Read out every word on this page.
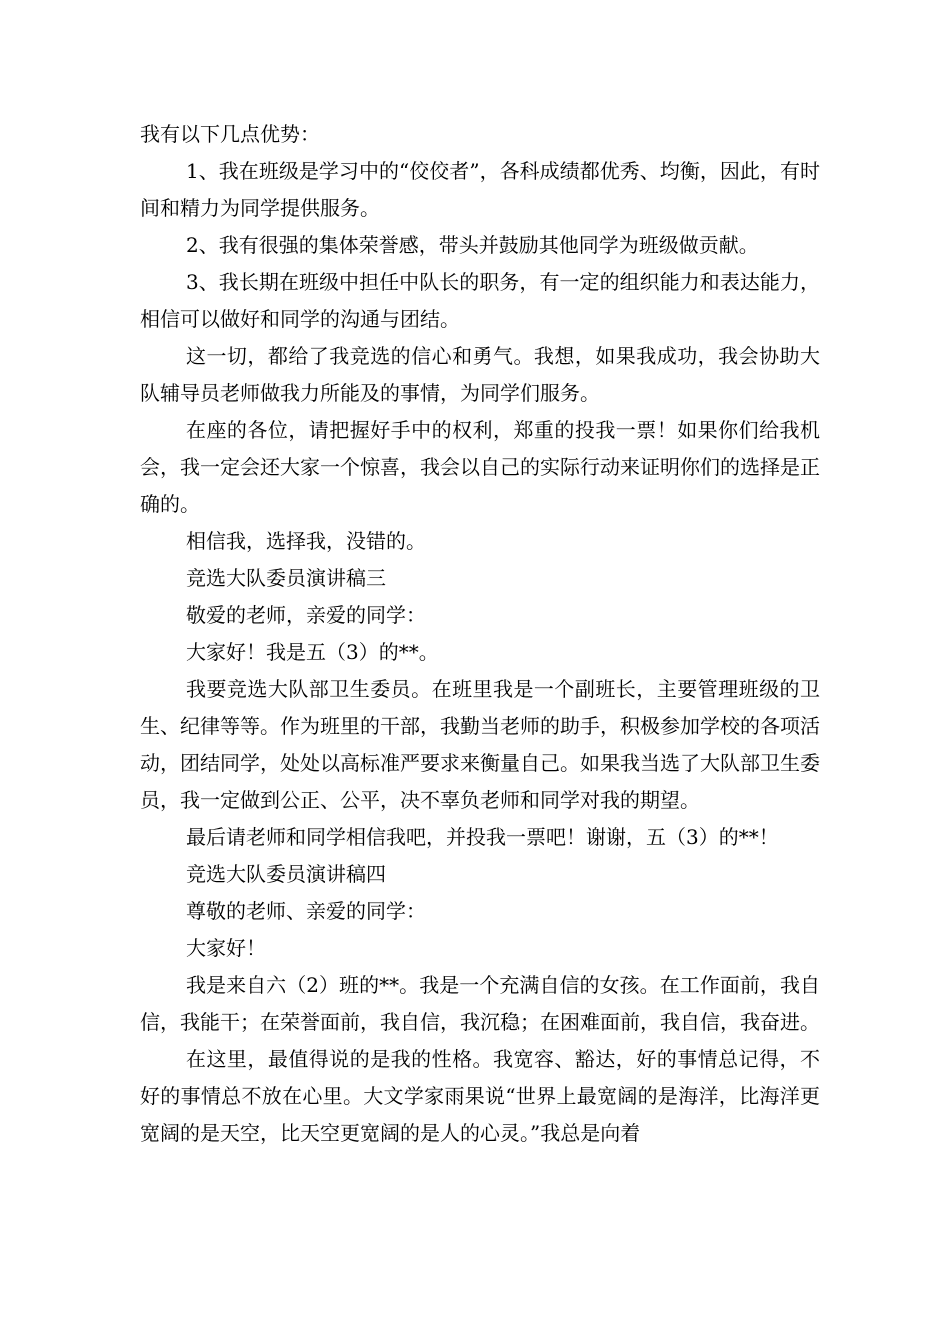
我有以下几点优势：

1、我在班级是学习中的“佼佼者”，各科成绩都优秀、均衡，因此，有时间和精力为同学提供服务。

2、我有很强的集体荣誉感，带头并鼓励其他同学为班级做贡献。

3、我长期在班级中担任中队长的职务，有一定的组织能力和表达能力，相信可以做好和同学的沟通与团结。

这一切，都给了我竞选的信心和勇气。我想，如果我成功，我会协助大队辅导员老师做我力所能及的事情，为同学们服务。

在座的各位，请把握好手中的权利，郑重的投我一票！如果你们给我机会，我一定会还大家一个惊喜，我会以自己的实际行动来证明你们的选择是正确的。

相信我，选择我，没错的。

竞选大队委员演讲稿三

敬爱的老师，亲爱的同学：

大家好！我是五（3）的**。

我要竞选大队部卫生委员。在班里我是一个副班长，主要管理班级的卫生、纪律等等。作为班里的干部，我勤当老师的助手，积极参加学校的各项活动，团结同学，处处以高标准严要求来衡量自己。如果我当选了大队部卫生委员，我一定做到公正、公平，决不辜负老师和同学对我的期望。

最后请老师和同学相信我吧，并投我一票吧！谢谢，五（3）的**！

竞选大队委员演讲稿四

尊敬的老师、亲爱的同学：

大家好！

我是来自六（2）班的**。我是一个充满自信的女孩。在工作面前，我自信，我能干；在荣誉面前，我自信，我沉稳；在困难面前，我自信，我奋进。

在这里，最值得说的是我的性格。我宽容、豁达，好的事情总记得，不好的事情总不放在心里。大文学家雨果说“世界上最宽阔的是海洋，比海洋更宽阔的是天空，比天空更宽阔的是人的心灵。”我总是向着
